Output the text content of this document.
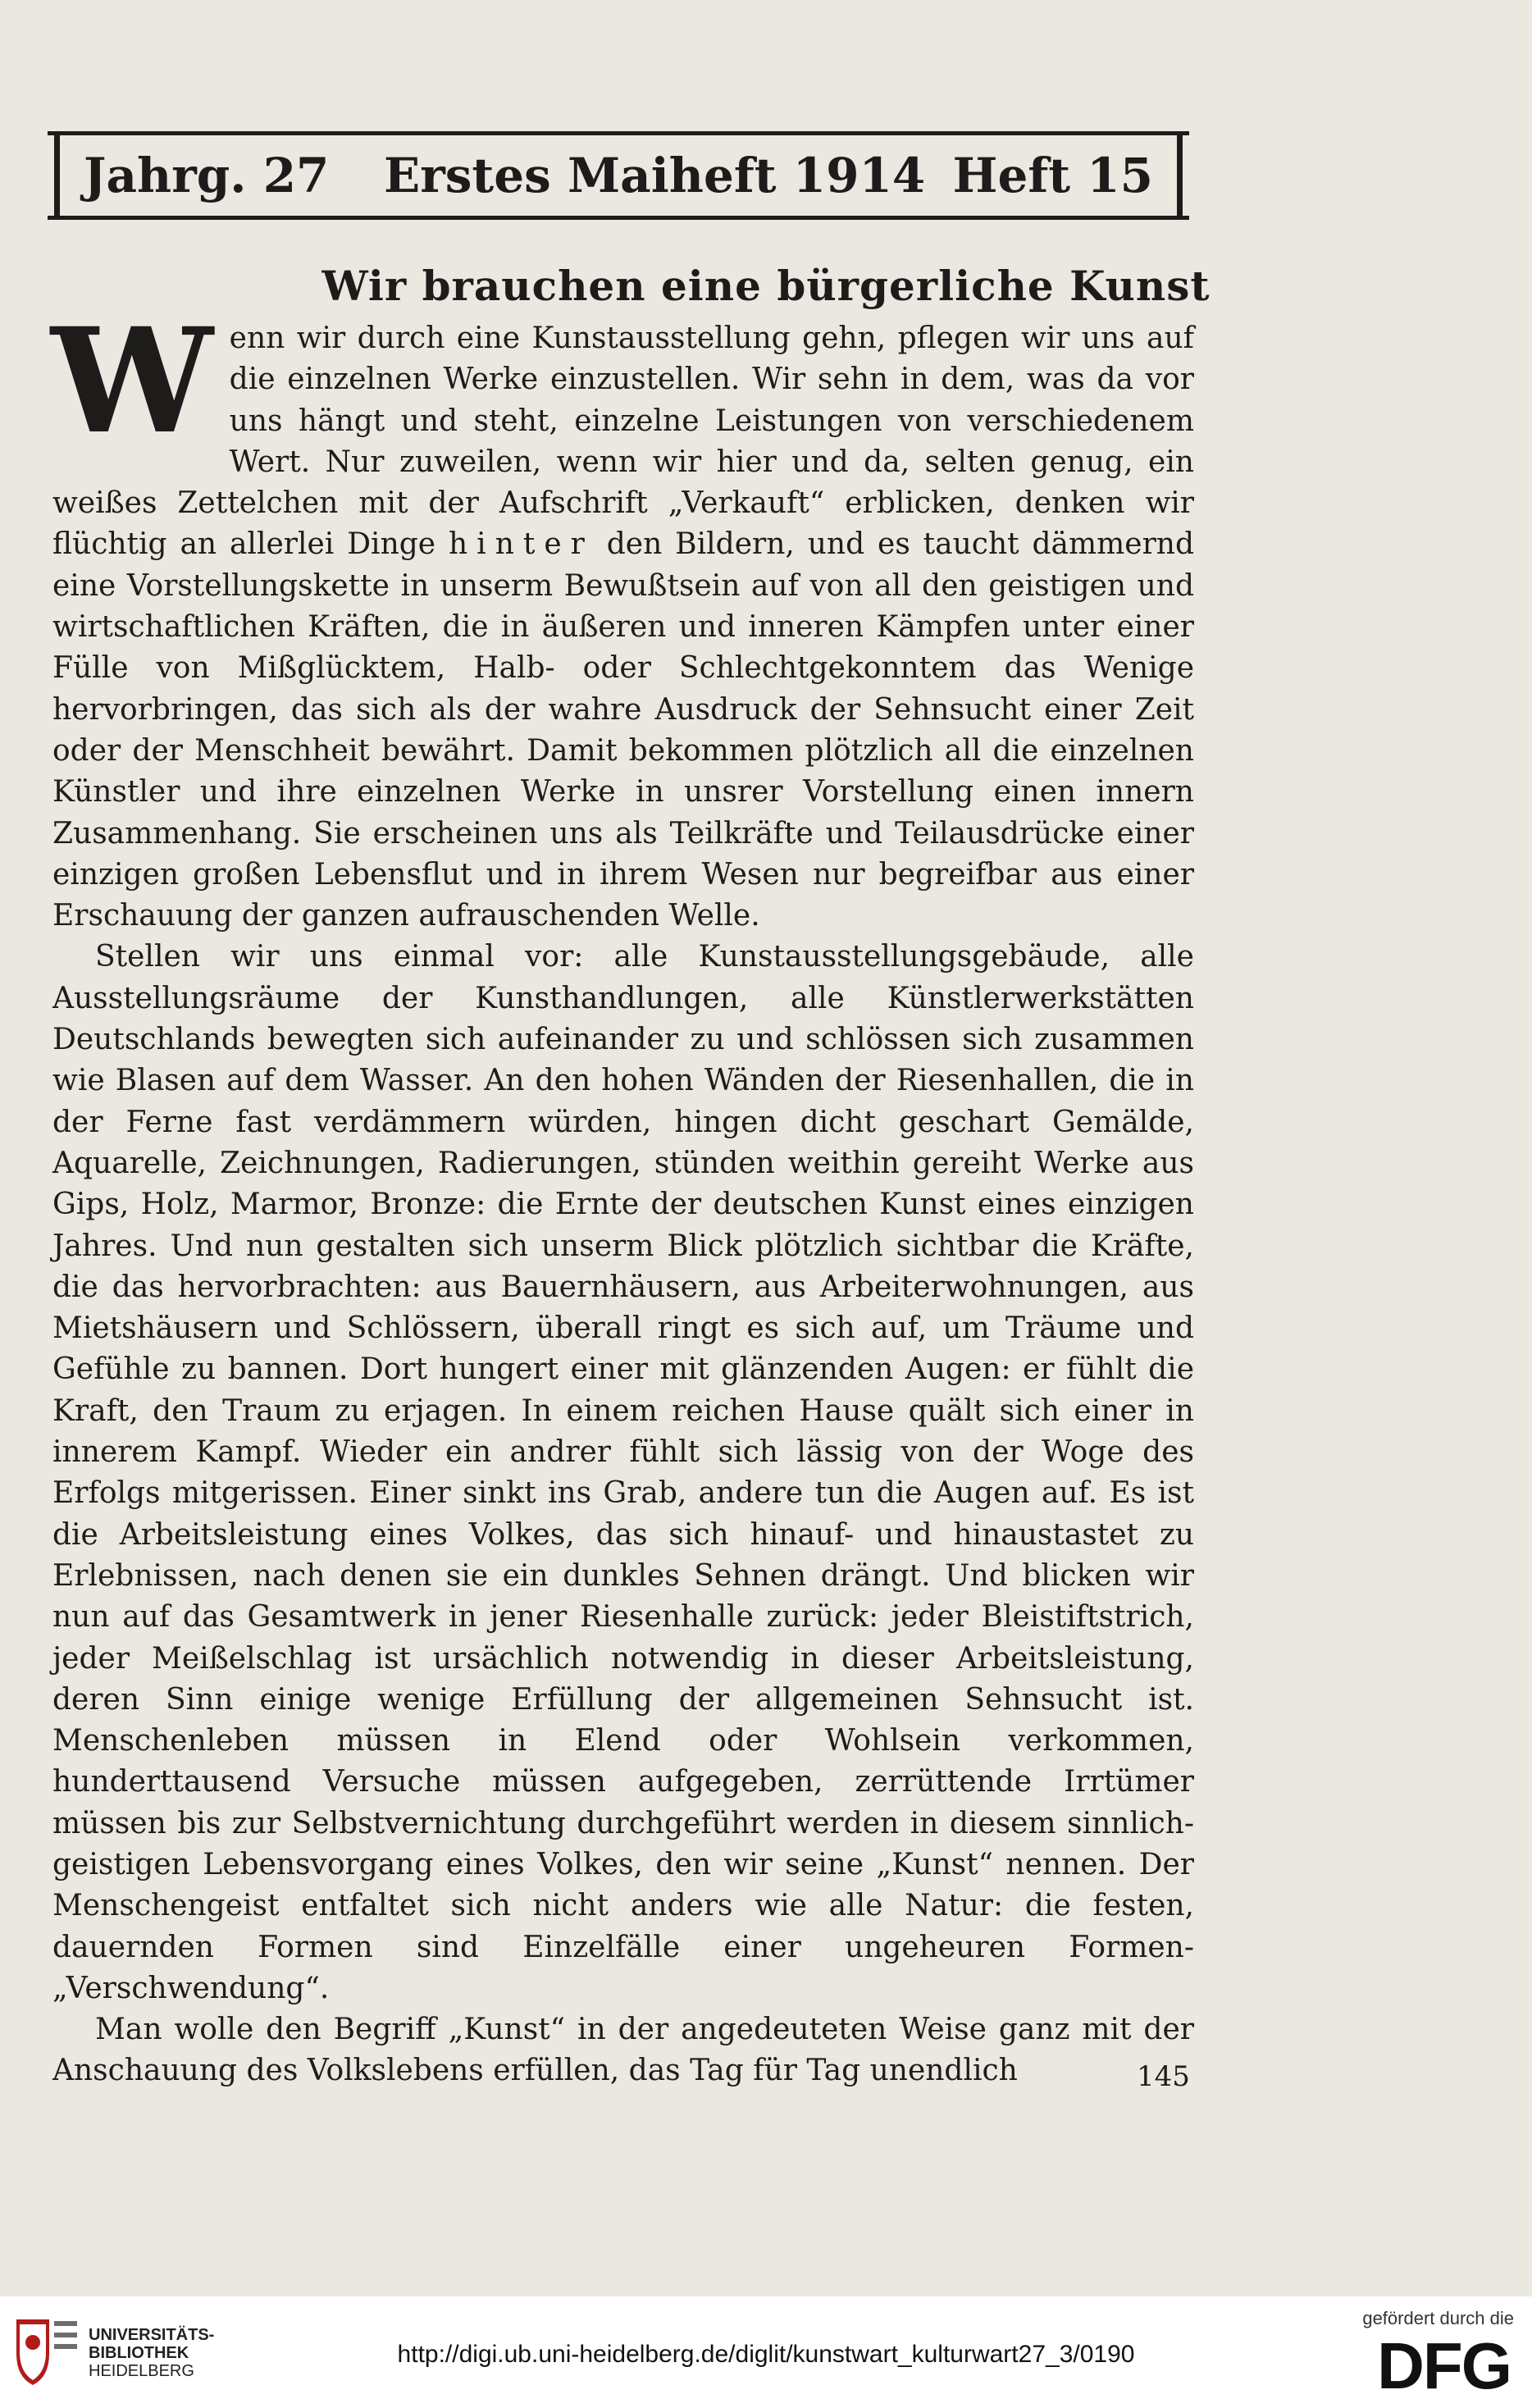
Jahrg. 27 Erstes Maiheft 1914 Heft 15
Wir brauchen eine bürgerliche Kunst

Wenn wir durch eine Kunstausstellung gehn, pflegen wir uns auf die einzelnen Werke einzustellen. Wir sehn in dem, was da vor uns hängt und steht, einzelne Leistungen von verschiedenem Wert. Nur zuweilen, wenn wir hier und da, selten genug, ein weißes Zettelchen mit der Aufschrift „Verkauft“ erblicken, denken wir flüchtig an allerlei Dinge hinter den Bildern, und es taucht dämmernd eine Vorstellungskette in unserm Bewußtsein auf von all den geistigen und wirtschaftlichen Kräften, die in äußeren und inneren Kämpfen unter einer Fülle von Mißglücktem, Halb- oder Schlechtgekonntem das Wenige hervorbringen, das sich als der wahre Ausdruck der Sehnsucht einer Zeit oder der Menschheit bewährt. Damit bekommen plötzlich all die einzelnen Künstler und ihre einzelnen Werke in unsrer Vorstellung einen innern Zusammenhang. Sie erscheinen uns als Teilkräfte und Teilausdrücke einer einzigen großen Lebensflut und in ihrem Wesen nur begreifbar aus einer Erschauung der ganzen aufrauschenden Welle.

Stellen wir uns einmal vor: alle Kunstausstellungsgebäude, alle Ausstellungsräume der Kunsthandlungen, alle Künstlerwerkstätten Deutschlands bewegten sich aufeinander zu und schlössen sich zusammen wie Blasen auf dem Wasser. An den hohen Wänden der Riesenhallen, die in der Ferne fast verdämmern würden, hingen dicht geschart Gemälde, Aquarelle, Zeichnungen, Radierungen, stünden weithin gereiht Werke aus Gips, Holz, Marmor, Bronze: die Ernte der deutschen Kunst eines einzigen Jahres. Und nun gestalten sich unserm Blick plötzlich sichtbar die Kräfte, die das hervorbrachten: aus Bauernhäusern, aus Arbeiterwohnungen, aus Mietshäusern und Schlössern, überall ringt es sich auf, um Träume und Gefühle zu bannen. Dort hungert einer mit glänzenden Augen: er fühlt die Kraft, den Traum zu erjagen. In einem reichen Hause quält sich einer in innerem Kampf. Wieder ein andrer fühlt sich lässig von der Woge des Erfolgs mitgerissen. Einer sinkt ins Grab, andere tun die Augen auf. Es ist die Arbeitsleistung eines Volkes, das sich hinauf- und hinaustastet zu Erlebnissen, nach denen sie ein dunkles Sehnen drängt. Und blicken wir nun auf das Gesamtwerk in jener Riesenhalle zurück: jeder Bleistiftstrich, jeder Meißelschlag ist ursächlich notwendig in dieser Arbeitsleistung, deren Sinn einige wenige Erfüllung der allgemeinen Sehnsucht ist. Menschenleben müssen in Elend oder Wohlsein verkommen, hunderttausend Versuche müssen aufgegeben, zerrüttende Irrtümer müssen bis zur Selbstvernichtung durchgeführt werden in diesem sinnlich-geistigen Lebensvorgang eines Volkes, den wir seine „Kunst“ nennen. Der Menschengeist entfaltet sich nicht anders wie alle Natur: die festen, dauernden Formen sind Einzelfälle einer ungeheuren Formen-„Verschwendung“.

Man wolle den Begriff „Kunst“ in der angedeuteten Weise ganz mit der Anschauung des Volkslebens erfüllen, das Tag für Tag unendlich	145
UNIVERSITÄTS-
BIBLIOTHEK
HEIDELBERG
http://digi.ub.uni-heidelberg.de/diglit/kunstwart_kulturwart27_3/0190
gefördert durch die
DFG
